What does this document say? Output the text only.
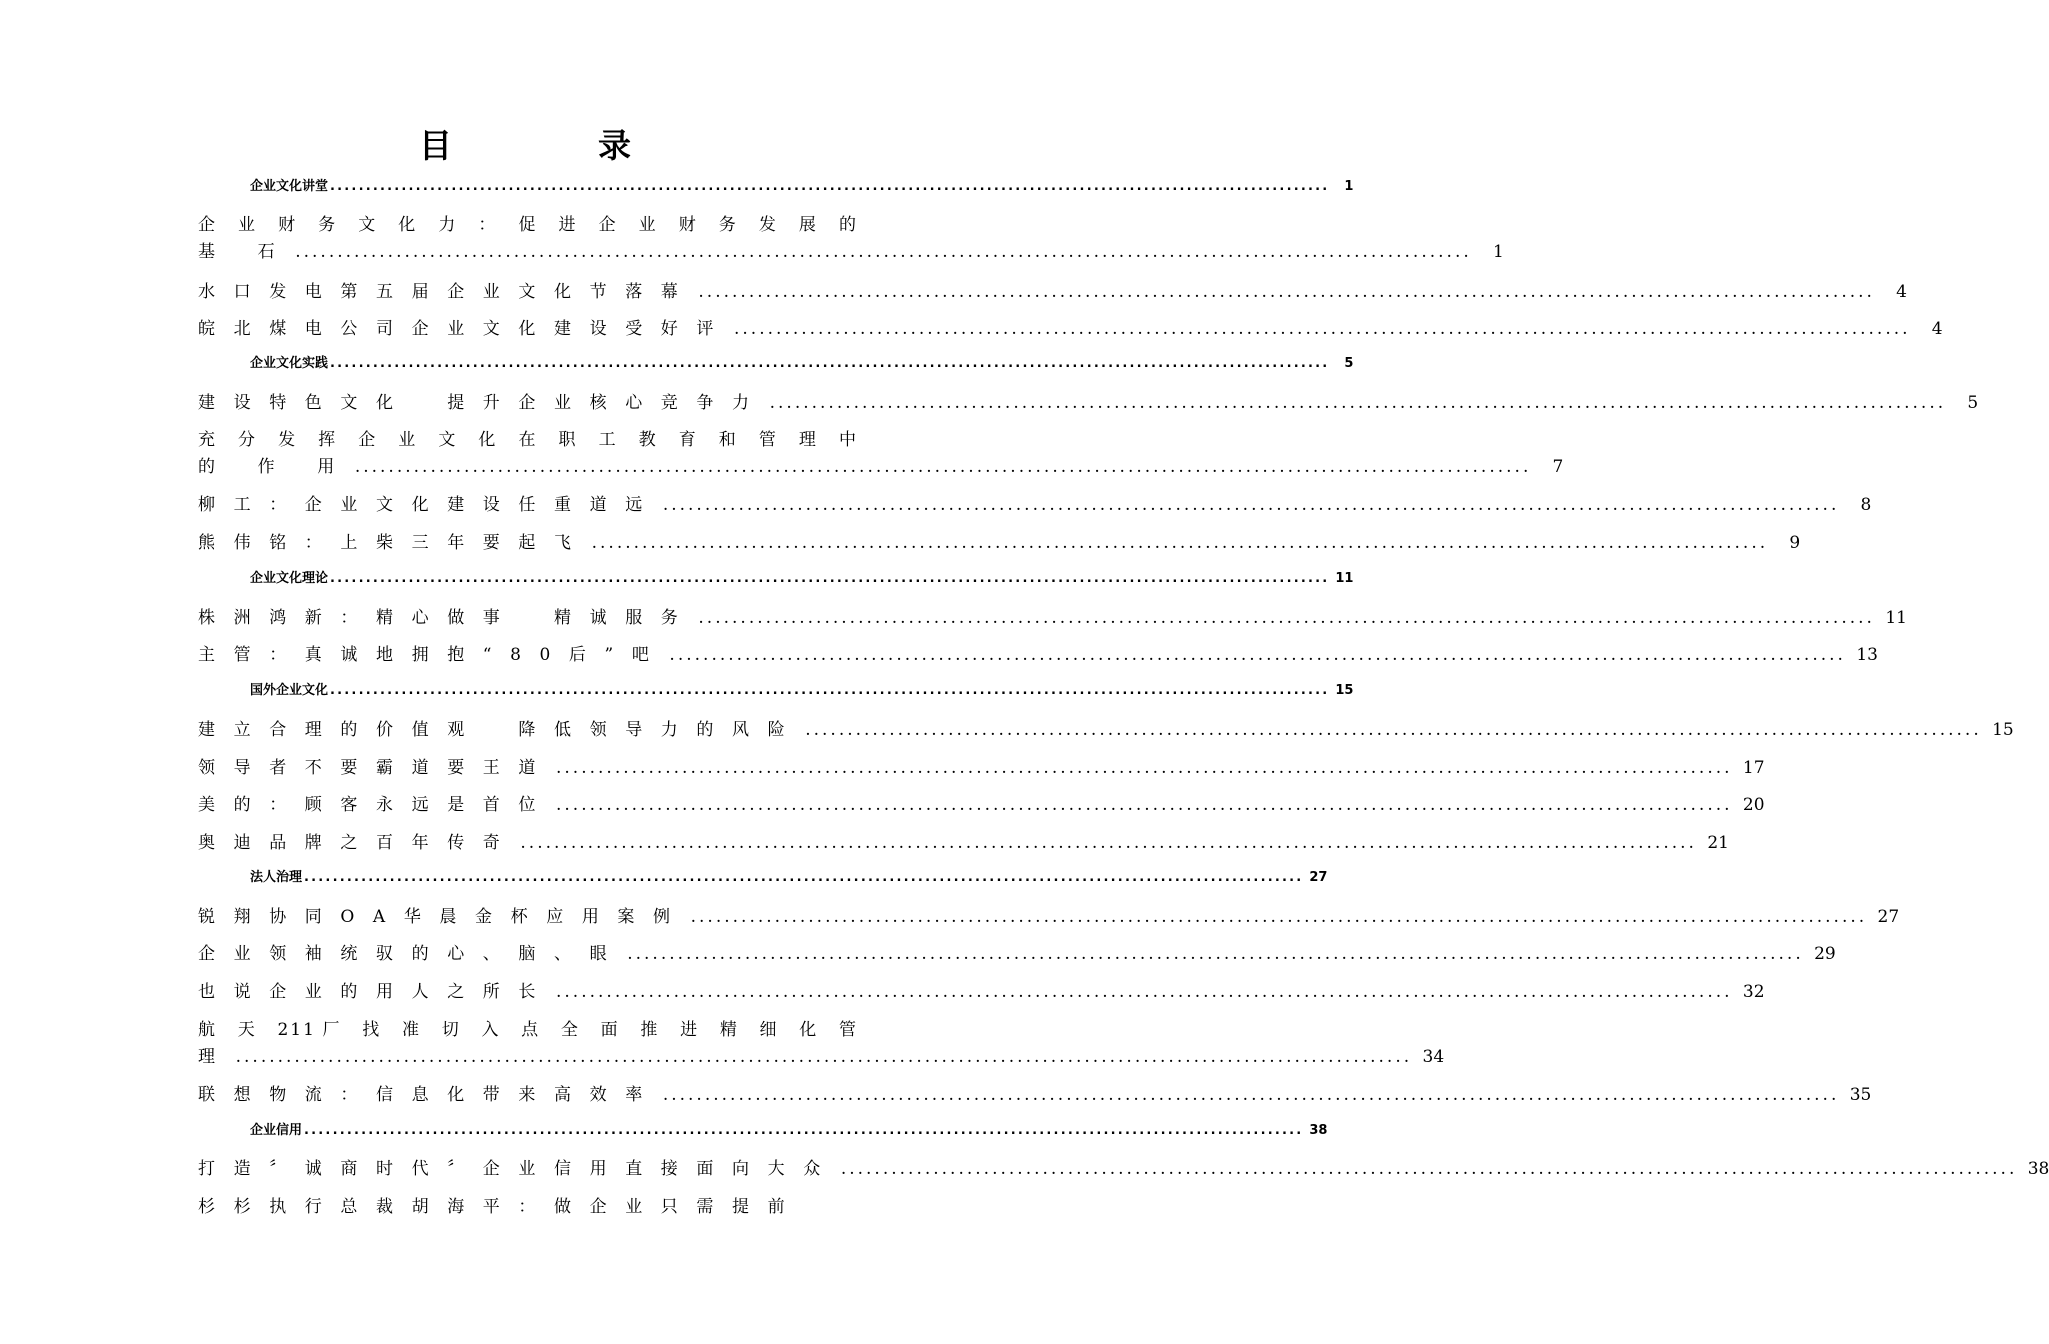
目 录
企业文化讲堂 ............................................................................................................................................	1
企 业 财 务 文 化 力 ： 促 进 企 业 财 务 发 展 的
基 石 ............................................................................................................................................	1
水口发电第五届企业文化节落幕 ............................................................................................................................................	4
皖北煤电公司企业文化建设受好评 ............................................................................................................................................	4
企业文化实践 ............................................................................................................................................	5
建设特色文化　提升企业核心竞争力 ............................................................................................................................................	5
充 分 发 挥 企 业 文 化 在 职 工 教 育 和 管 理 中
的 作 用 ............................................................................................................................................	7
柳工：企业文化建设任重道远 ............................................................................................................................................	8
熊伟铭：上柴三年要起飞 ............................................................................................................................................	9
企业文化理论 ............................................................................................................................................ 11
株洲鸿新：精心做事　精诚服务 ............................................................................................................................................ 11
主管：真诚地拥抱“80后”吧 ............................................................................................................................................ 13
国外企业文化 ............................................................................................................................................ 15
建立合理的价值观　降低领导力的风险 ............................................................................................................................................ 15
领导者不要霸道要王道 ............................................................................................................................................ 17
美的：顾客永远是首位 ............................................................................................................................................ 20
奥迪品牌之百年传奇 ............................................................................................................................................ 21
法人治理 ............................................................................................................................................ 27
锐翔协同OA华晨金杯应用案例 ............................................................................................................................................ 27
企业领袖统驭的心、脑、眼 ............................................................................................................................................ 29
也说企业的用人之所长 ............................................................................................................................................ 32
航 天 211厂 找 准 切 入 点 全 面 推 进 精 细 化 管
理 ............................................................................................................................................ 34
联想物流：信息化带来高效率 ............................................................................................................................................ 35
企业信用 ............................................................................................................................................ 38
打造〞诚商时代〞企业信用直接面向大众 ............................................................................................................................................ 38
杉杉执行总裁胡海平：做企业只需提前
